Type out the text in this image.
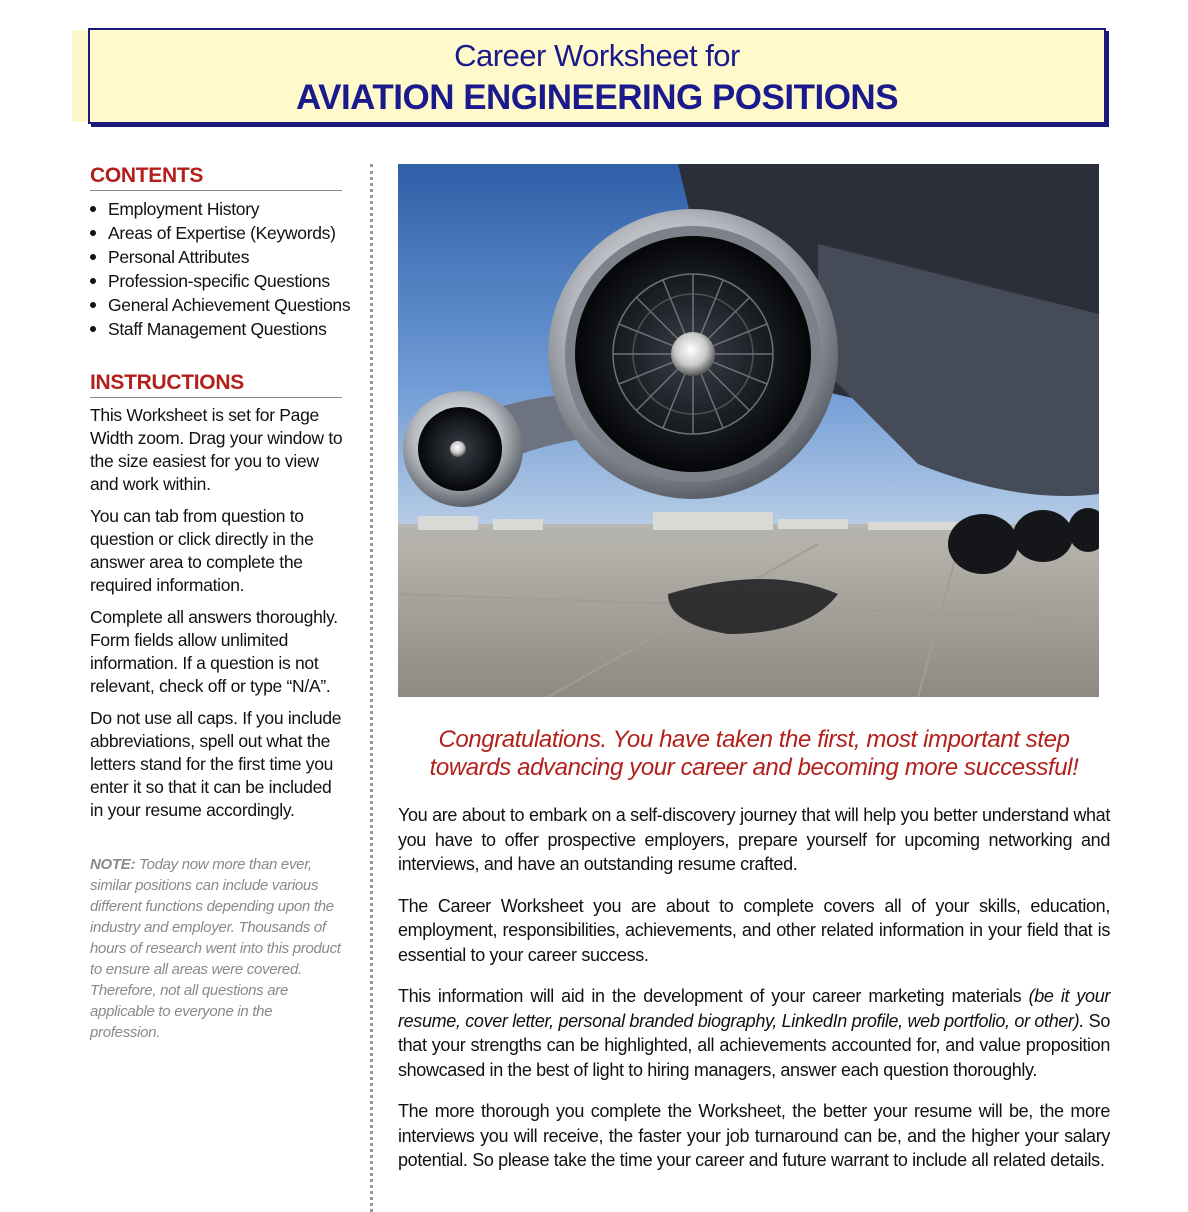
Career Worksheet for
AVIATION ENGINEERING POSITIONS
CONTENTS
Employment History
Areas of Expertise (Keywords)
Personal Attributes
Profession-specific Questions
General Achievement Questions
Staff Management Questions
INSTRUCTIONS

This Worksheet is set for Page Width zoom. Drag your window to the size easiest for you to view and work within.

You can tab from question to question or click directly in the answer area to complete the required information.

Complete all answers thoroughly. Form fields allow unlimited information. If a question is not relevant, check off or type “N/A”.

Do not use all caps. If you include abbreviations, spell out what the letters stand for the first time you enter it so that it can be included in your resume accordingly.

NOTE: Today now more than ever, similar positions can include various different functions depending upon the industry and employer. Thousands of hours of research went into this product to ensure all areas were covered. Therefore, not all questions are applicable to everyone in the profession.
Congratulations. You have taken the first, most important step
towards advancing your career and becoming more successful!

You are about to embark on a self-discovery journey that will help you better understand what you have to offer prospective employers, prepare yourself for upcoming networking and interviews, and have an outstanding resume crafted.

The Career Worksheet you are about to complete covers all of your skills, education, employment, responsibilities, achievements, and other related information in your field that is essential to your career success.

This information will aid in the development of your career marketing materials (be it your resume, cover letter, personal branded biography, LinkedIn profile, web portfolio, or other). So that your strengths can be highlighted, all achievements accounted for, and value proposition showcased in the best of light to hiring managers, answer each question thoroughly.

The more thorough you complete the Worksheet, the better your resume will be, the more interviews you will receive, the faster your job turnaround can be, and the higher your salary potential. So please take the time your career and future warrant to include all related details.
